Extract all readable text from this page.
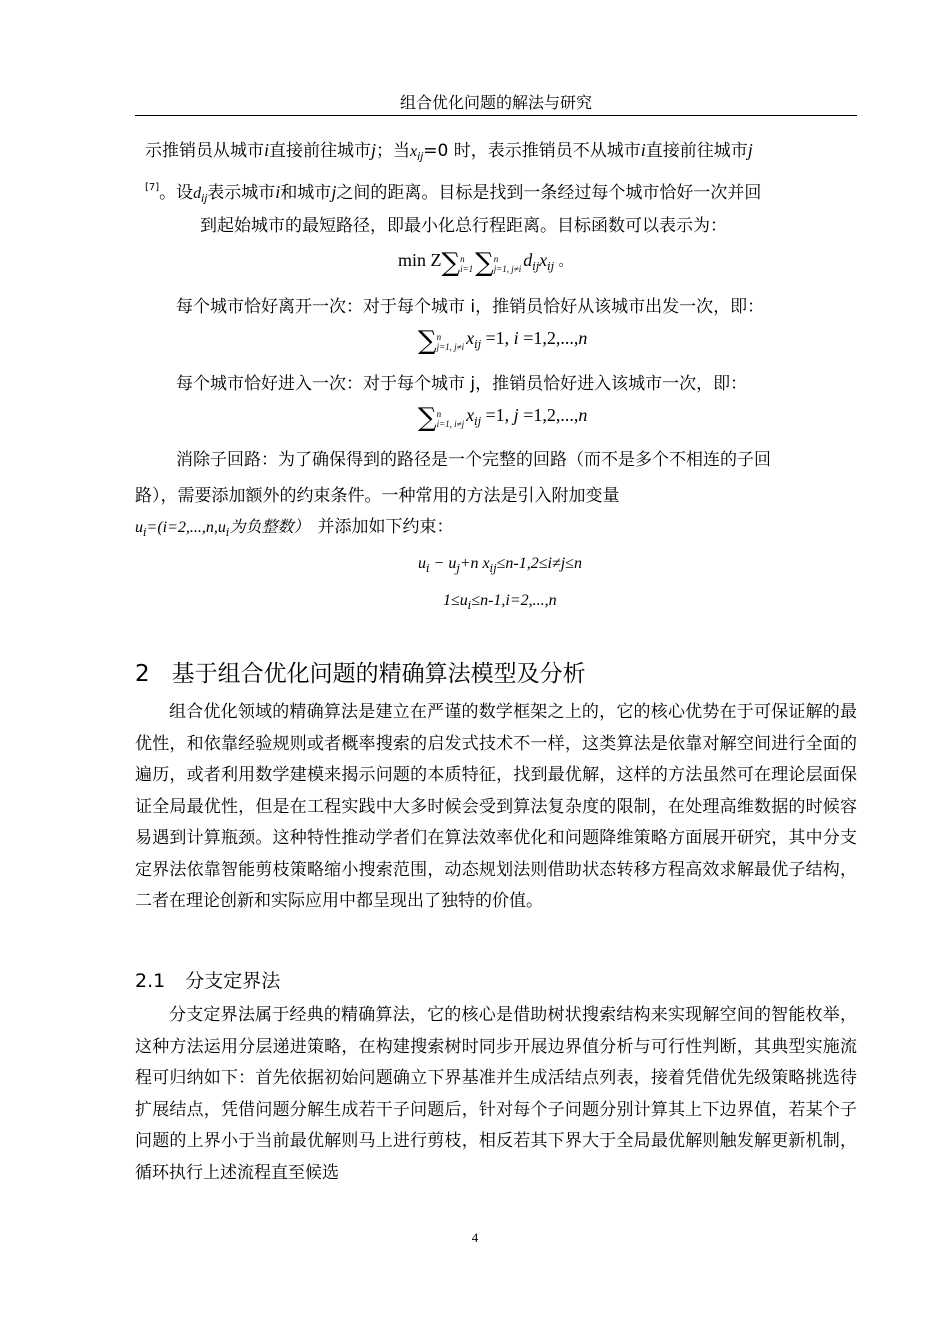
组合优化问题的解法与研究
示推销员从城市i直接前往城市j；当$x_{ij}=0$ 时，表示推销员不从城市i直接前往城市j
[7]。设$d_{ij}$表示城市i和城市j之间的距离。目标是找到一条经过每个城市恰好一次并回
到起始城市的最短路径，即最小化总行程距离。目标函数可以表示为：
min Z∑n
i=1∑n
j=1, j≠i $d_{ij}x_{ij}$ 。
每个城市恰好离开一次：对于每个城市 i，推销员恰好从该城市出发一次，即：
∑n
j=1, j≠i $x_{ij} =1$, i =1,2,...,n
每个城市恰好进入一次：对于每个城市 j，推销员恰好进入该城市一次，即：
∑n
i=1, i≠j $x_{ij} =1$, j =1,2,...,n
消除子回路：为了确保得到的路径是一个完整的回路（而不是多个不相连的子回
路），需要添加额外的约束条件。一种常用的方法是引入附加变量
$u_i=(i=2,...,n,u_i$为负整数） 并添加如下约束：
$u_i - u_j+n$ $x_{ij}\le n-1,2\le i\ne j\le n$
$1\le u_i\le n-1,i=2,...,n$
2 基于组合优化问题的精确算法模型及分析

组合优化领域的精确算法是建立在严谨的数学框架之上的，它的核心优势在于可保证解的最优性，和依靠经验规则或者概率搜索的启发式技术不一样，这类算法是依靠对解空间进行全面的遍历，或者利用数学建模来揭示问题的本质特征，找到最优解，这样的方法虽然可在理论层面保证全局最优性，但是在工程实践中大多时候会受到算法复杂度的限制，在处理高维数据的时候容易遇到计算瓶颈。这种特性推动学者们在算法效率优化和问题降维策略方面展开研究，其中分支定界法依靠智能剪枝策略缩小搜索范围，动态规划法则借助状态转移方程高效求解最优子结构，二者在理论创新和实际应用中都呈现出了独特的价值。

2.1 分支定界法

分支定界法属于经典的精确算法，它的核心是借助树状搜索结构来实现解空间的智能枚举，这种方法运用分层递进策略，在构建搜索树时同步开展边界值分析与可行性判断，其典型实施流程可归纳如下：首先依据初始问题确立下界基准并生成活结点列表，接着凭借优先级策略挑选待扩展结点，凭借问题分解生成若干子问题后，针对每个子问题分别计算其上下边界值，若某个子问题的上界小于当前最优解则马上进行剪枝，相反若其下界大于全局最优解则触发解更新机制，循环执行上述流程直至候选

4
